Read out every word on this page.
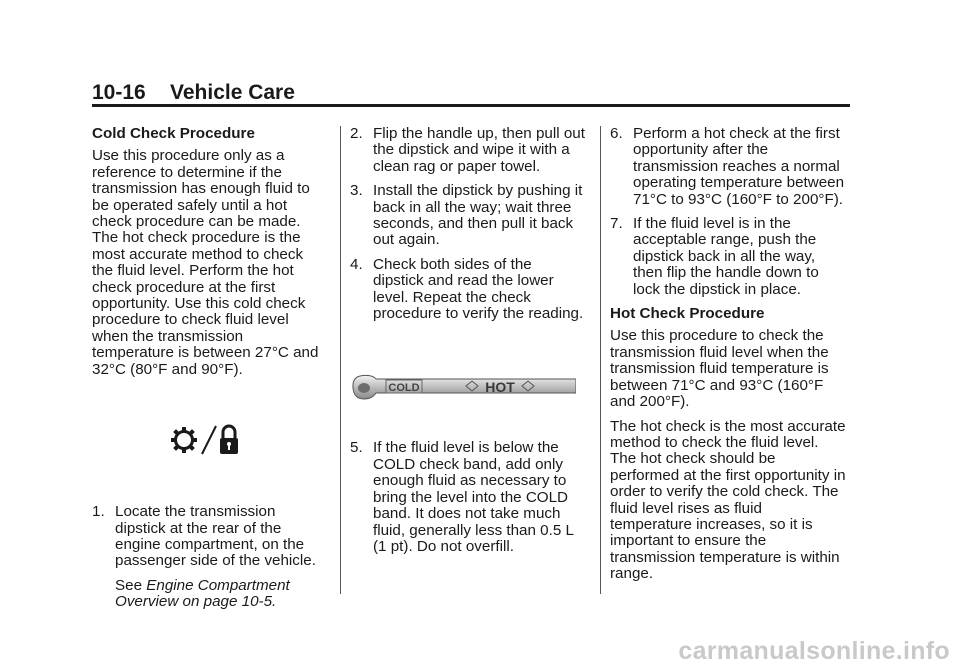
10-16 Vehicle Care

Cold Check Procedure

Use this procedure only as a reference to determine if the transmission has enough fluid to be operated safely until a hot check procedure can be made. The hot check procedure is the most accurate method to check the fluid level. Perform the hot check procedure at the first opportunity. Use this cold check procedure to check fluid level when the transmission temperature is between 27°C and 32°C (80°F and 90°F).

1. Locate the transmission dipstick at the rear of the engine compartment, on the passenger side of the vehicle.

See Engine Compartment Overview on page 10-5.

2. Flip the handle up, then pull out the dipstick and wipe it with a clean rag or paper towel.
3. Install the dipstick by pushing it back in all the way; wait three seconds, and then pull it back out again.
4. Check both sides of the dipstick and read the lower level. Repeat the check procedure to verify the reading.
COLD	HOT
5. If the fluid level is below the COLD check band, add only enough fluid as necessary to bring the level into the COLD band. It does not take much fluid, generally less than 0.5 L (1 pt). Do not overfill.
6. Perform a hot check at the first opportunity after the transmission reaches a normal operating temperature between 71°C to 93°C (160°F to 200°F).
7. If the fluid level is in the acceptable range, push the dipstick back in all the way, then flip the handle down to lock the dipstick in place.

Hot Check Procedure

Use this procedure to check the transmission fluid level when the transmission fluid temperature is between 71°C and 93°C (160°F and 200°F).

The hot check is the most accurate method to check the fluid level. The hot check should be performed at the first opportunity in order to verify the cold check. The fluid level rises as fluid temperature increases, so it is important to ensure the transmission temperature is within range.

carmanualsonline.info
